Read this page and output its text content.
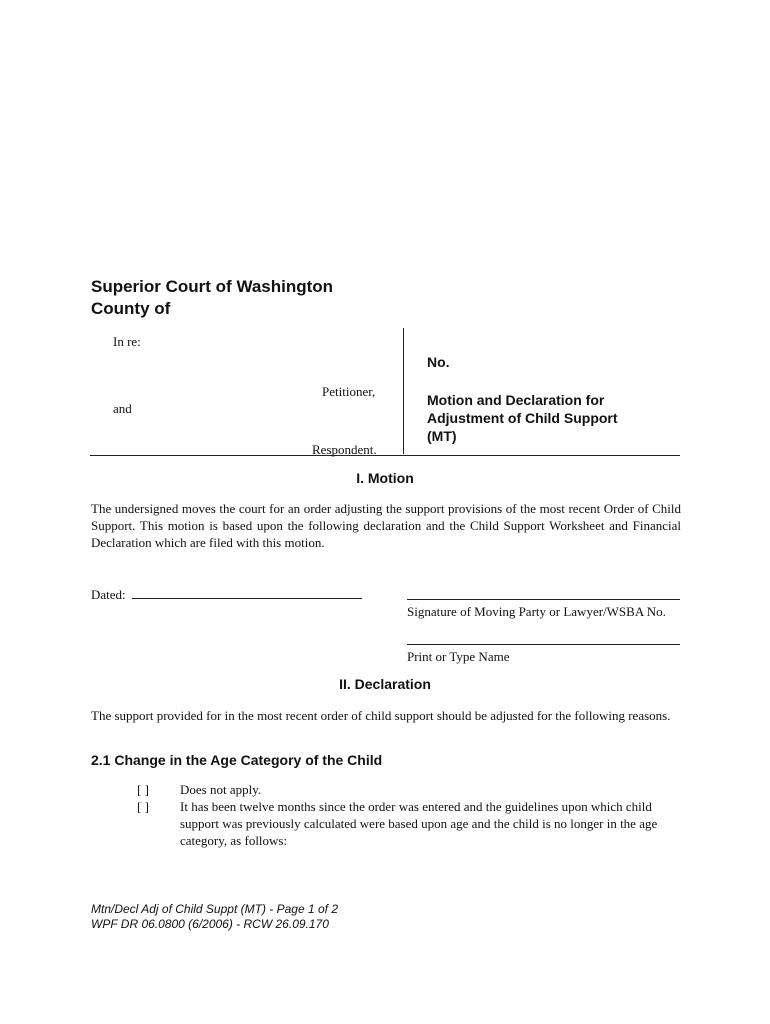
Superior Court of Washington
County of
In re:
Petitioner,
and
Respondent.
No.
Motion and Declaration for
Adjustment of Child Support
(MT)
I. Motion
The undersigned moves the court for an order adjusting the support provisions of the most recent Order of Child Support. This motion is based upon the following declaration and the Child Support Worksheet and Financial Declaration which are filed with this motion.
Dated:
Signature of Moving Party or Lawyer/WSBA No.
Print or Type Name
II. Declaration
The support provided for in the most recent order of child support should be adjusted for the following reasons.
2.1 Change in the Age Category of the Child
[ ] Does not apply.
[ ] It has been twelve months since the order was entered and the guidelines upon which child support was previously calculated were based upon age and the child is no longer in the age category, as follows:
Mtn/Decl Adj of Child Suppt (MT) - Page 1 of 2
WPF DR 06.0800 (6/2006) - RCW 26.09.170
